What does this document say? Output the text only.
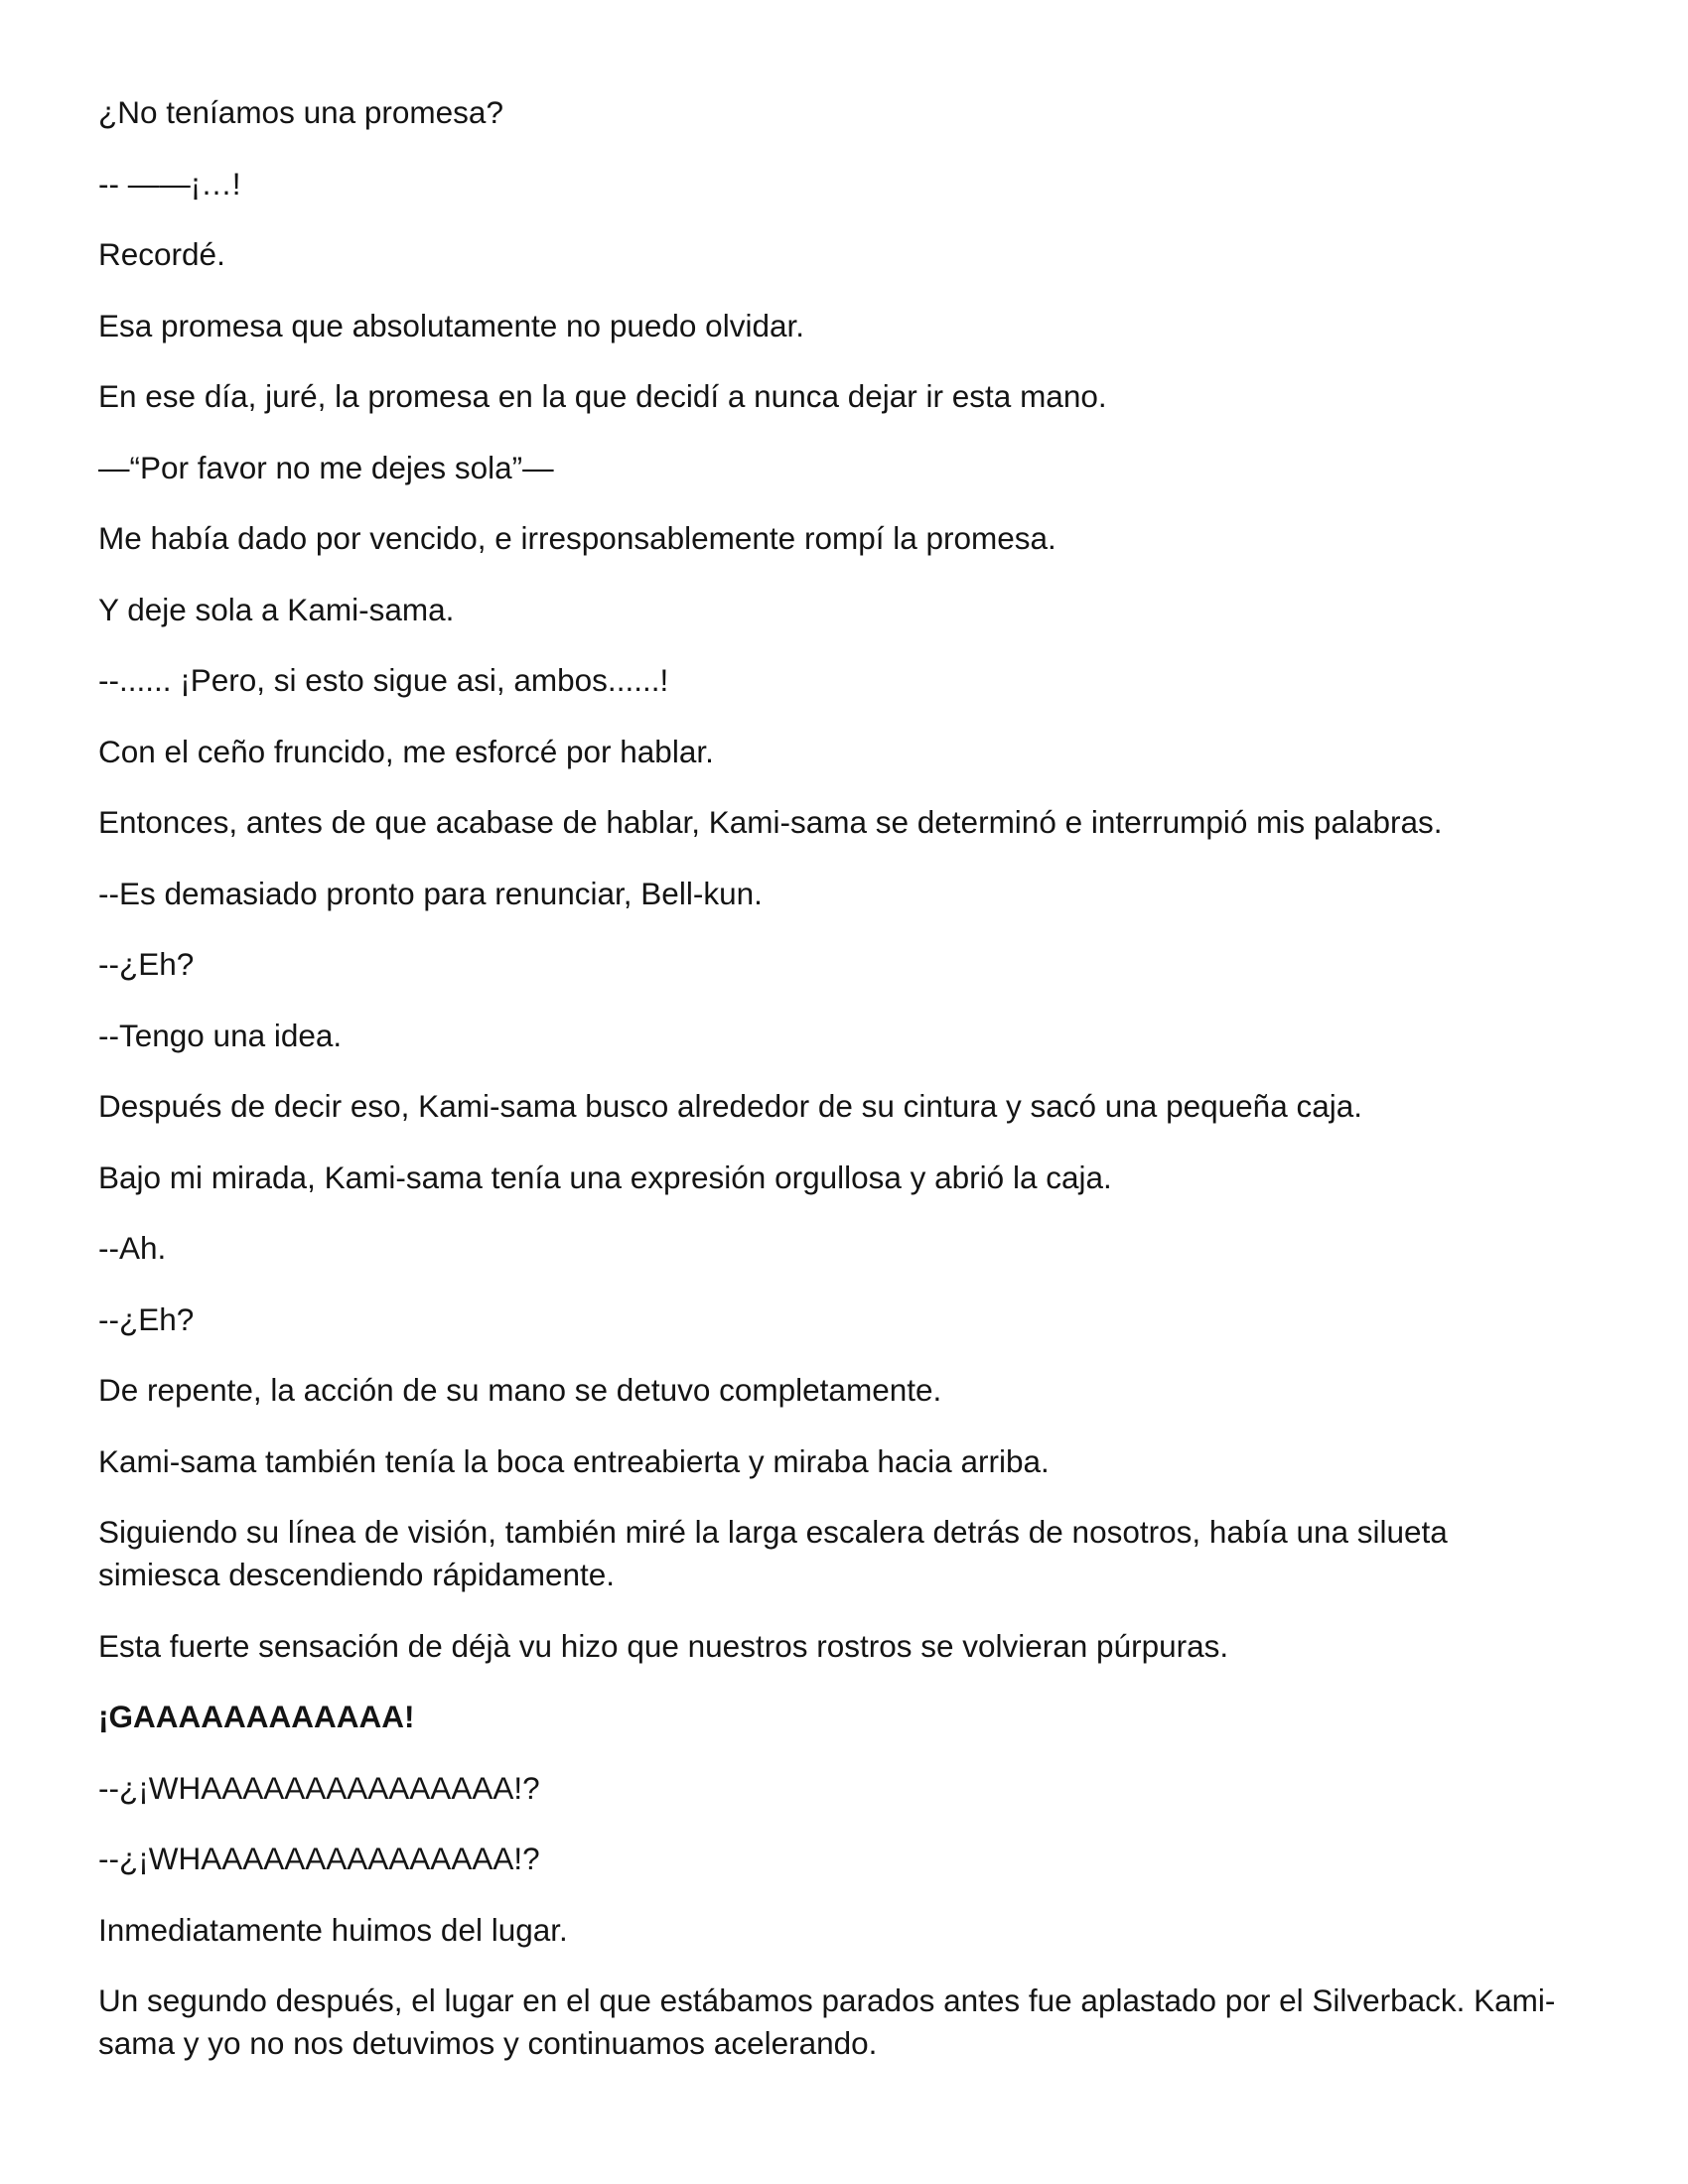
¿No teníamos una promesa?

-- ——¡…!

Recordé.

Esa promesa que absolutamente no puedo olvidar.

En ese día, juré, la promesa en la que decidí a nunca dejar ir esta mano.

—“Por favor no me dejes sola”—

Me había dado por vencido, e irresponsablemente rompí la promesa.

Y deje sola a Kami-sama.

--...... ¡Pero, si esto sigue asi, ambos......!

Con el ceño fruncido, me esforcé por hablar.

Entonces, antes de que acabase de hablar, Kami-sama se determinó e interrumpió mis palabras.

--Es demasiado pronto para renunciar, Bell-kun.

--¿Eh?

--Tengo una idea.

Después de decir eso, Kami-sama busco alrededor de su cintura y sacó una pequeña caja.

Bajo mi mirada, Kami-sama tenía una expresión orgullosa y abrió la caja.

--Ah.

--¿Eh?

De repente, la acción de su mano se detuvo completamente.

Kami-sama también tenía la boca entreabierta y miraba hacia arriba.

Siguiendo su línea de visión, también miré la larga escalera detrás de nosotros, había una silueta simiesca descendiendo rápidamente.

Esta fuerte sensación de déjà vu hizo que nuestros rostros se volvieran púrpuras.

¡GAAAAAAAAAAAA!

--¿¡WHAAAAAAAAAAAAAAA!?

--¿¡WHAAAAAAAAAAAAAAA!?

Inmediatamente huimos del lugar.

Un segundo después, el lugar en el que estábamos parados antes fue aplastado por el Silverback. Kami-sama y yo no nos detuvimos y continuamos acelerando.
